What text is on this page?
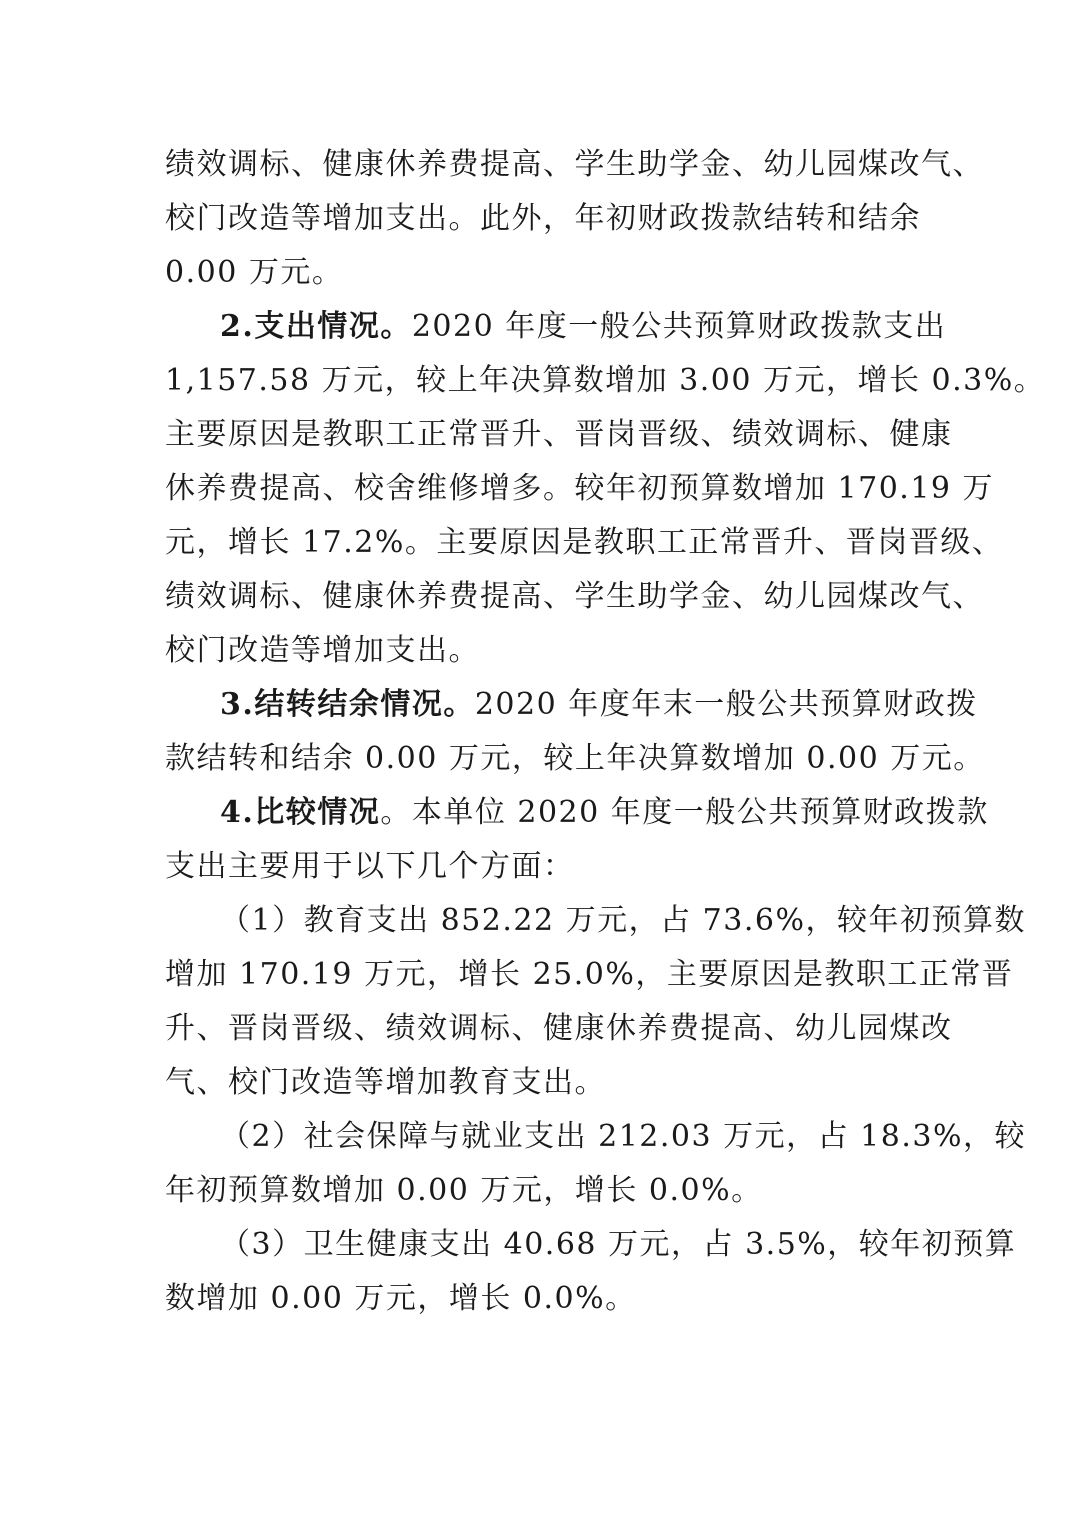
绩效调标、健康休养费提高、学生助学金、幼儿园煤改气、
校门改造等增加支出。此外，年初财政拨款结转和结余
0.00 万元。
2.支出情况。2020 年度一般公共预算财政拨款支出
1,157.58 万元，较上年决算数增加 3.00 万元，增长 0.3%。
主要原因是教职工正常晋升、晋岗晋级、绩效调标、健康
休养费提高、校舍维修增多。较年初预算数增加 170.19 万
元，增长 17.2%。主要原因是教职工正常晋升、晋岗晋级、
绩效调标、健康休养费提高、学生助学金、幼儿园煤改气、
校门改造等增加支出。
3.结转结余情况。2020 年度年末一般公共预算财政拨
款结转和结余 0.00 万元，较上年决算数增加 0.00 万元。
4.比较情况。本单位 2020 年度一般公共预算财政拨款
支出主要用于以下几个方面：
（1）教育支出 852.22 万元，占 73.6%，较年初预算数
增加 170.19 万元，增长 25.0%，主要原因是教职工正常晋
升、晋岗晋级、绩效调标、健康休养费提高、幼儿园煤改
气、校门改造等增加教育支出。
（2）社会保障与就业支出 212.03 万元，占 18.3%，较
年初预算数增加 0.00 万元，增长 0.0%。
（3）卫生健康支出 40.68 万元，占 3.5%，较年初预算
数增加 0.00 万元，增长 0.0%。
